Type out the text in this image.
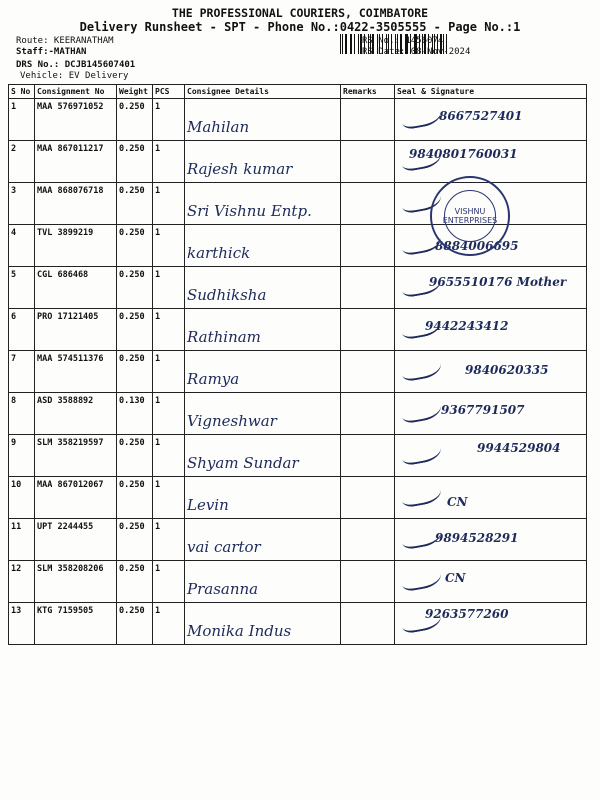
THE PROFESSIONAL COURIERS, COIMBATORE
Delivery Runsheet - SPT - Phone No.:0422-3505555 - Page No.:1
Route: KEERANATHAM
Staff:-MATHAN
DRS No.: DCJB145607401
Vehicle: EV Delivery
RS No.: 1456074
RS Date: 08-Nov-2024
S No	Consignment No	Weight	PCS	Consignee Details	Remarks	Seal & Signature
1	MAA 576971052	0.250	1	Mahilan		8667527401

2	MAA 867011217	0.250	1	Rajesh kumar		9840801760031

3	MAA 868076718	0.250	1	Sri Vishnu Entp.		

4	TVL 3899219	0.250	1	karthick		8884006695

5	CGL 686468	0.250	1	Sudhiksha		9655510176 Mother

6	PRO 17121405	0.250	1	Rathinam		9442243412

7	MAA 574511376	0.250	1	Ramya		9840620335

8	ASD 3588892	0.130	1	Vigneshwar		9367791507

9	SLM 358219597	0.250	1	Shyam Sundar		9944529804

10	MAA 867012067	0.250	1	Levin		CN

11	UPT 2244455	0.250	1	vai cartor		9894528291

12	SLM 358208206	0.250	1	Prasanna		CN

13	KTG 7159505	0.250	1	Monika Indus		9263577260
VISHNU ENTERPRISES
